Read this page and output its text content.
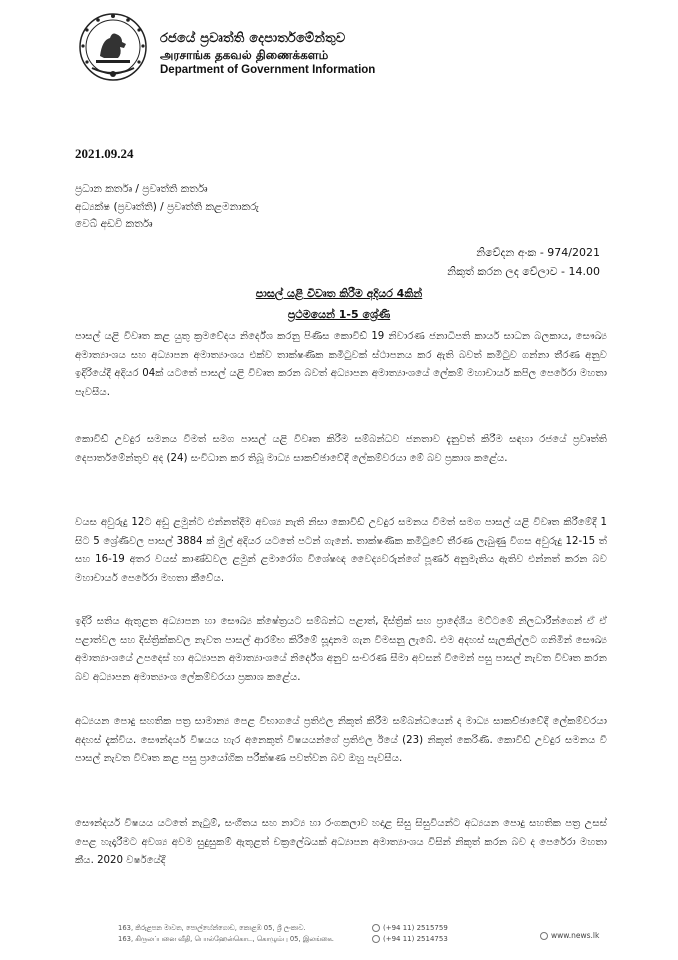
රජයේ ප්‍රවෘත්ති දෙපාර්තමේන්තුව
அரசாங்க தகவல் திணைக்களம்
Department of Government Information
2021.09.24
ප්‍රධාන කර්තෘ / ප්‍රවෘත්ති කර්තෘ
අධ්‍යක්ෂ (ප්‍රවෘත්ති) / ප්‍රවෘත්ති කළමනාකරු
වෙබ් අඩවි කර්තෘ
නිවේදන අංක - 974/2021
නිකුත් කරන ලද වේලාව - 14.00
පාසල් යළි විවෘත කිරීම අදියර 4කින්
ප්‍රථමයෙන් 1-5 ශ්‍රේණි
පාසල් යළි විවෘත කළ යුතු ක්‍රමවේදය නිර්දේශ කරනු පිණිස කොවිඩ් 19 නිවාරණ ජනාධිපති කාර්ය සාධන බලකාය, සෞඛ්‍ය අමාත්‍යාංශය සහ අධ්‍යාපන අමාත්‍යාංශය එක්ව තාක්ෂණික කමිටුවක් ස්ථාපනය කර ඇති බවත් කමිටුව ගන්නා තීරණ අනුව ඉදිරියේදී අදියර 04ක් යටතේ පාසල් යළි විවෘත කරන බවත් අධ්‍යාපන අමාත්‍යාංශයේ ලේකම් මහාචාර්ය කපිල පෙරේරා මහතා පැවසීය.
කොවිඩ් උවදුර සමනය වීමත් සමග පාසල් යළි විවෘත කිරීම සම්බන්ධව ජනතාව දැනුවත් කිරීම සඳහා රජයේ ප්‍රවෘත්ති දෙපාර්තමේන්තුව අද (24) සංවිධාන කර තිබූ මාධ්‍ය සාකච්ඡාවේදී ලේකම්වරයා මේ බව ප්‍රකාශ කළේය.
වයස අවුරුදු 12ට අඩු ළමුන්ට එන්නත්දීම අවශ්‍ය නැති නිසා කොවිඩ් උවදුර සමනය වීමත් සමග පාසල් යළි විවෘත කිරීමේදී 1 සිට 5 ශ්‍රේණිවල පාසල් 3884 ක් මුල් අදියර යටතේ පටන් ගැනේ. තාක්ෂණික කමිටුවේ තීරණ ලැබුණු විගස අවුරුදු 12-15 ත් සහ 16-19 අතර වයස් කාණ්ඩවල ළමුන් ළමාරෝග විශේෂඥ වෛද්‍යවරුන්ගේ පූර්ණ අනුමැතිය ඇතිව එන්නත් කරන බව මහාචාර්ය පෙරේරා මහතා කීවේය.
ඉදිරි සතිය ඇතුළත අධ්‍යාපන හා සෞඛ්‍ය ක්ෂේත්‍රයට සම්බන්ධ පළාත්, දිස්ත්‍රික් සහ ප්‍රාදේශීය මට්ටමේ නිලධාරීන්ගෙන් ඒ ඒ පළාත්වල සහ දිස්ත්‍රික්කවල නැවත පාසල් ආරම්භ කිරීමේ සූදානම ගැන විමසනු ලැබේ. එම අදහස් සැලකිල්ලට ගනිමින් සෞඛ්‍ය අමාත්‍යාංශයේ උපදෙස් හා අධ්‍යාපන අමාත්‍යාංශයේ නිර්දේශ අනුව සංචරණ සීමා අවසන් වීමෙන් පසු පාසල් නැවත විවෘත කරන බව අධ්‍යාපන අමාත්‍යාංශ ලේකම්වරයා ප්‍රකාශ කළේය.
අධ්‍යයන පොදු සහතික පත්‍ර සාමාන්‍ය පෙළ විභාගයේ ප්‍රතිඵල නිකුත් කිරීම සම්බන්ධයෙන් ද මාධ්‍ය සාකච්ඡාවේදී ලේකම්වරයා අදහස් දැක්විය. සෞන්දර්ය විෂයය හැර අනෙකුත් විෂයයන්ගේ ප්‍රතිඵල ඊයේ (23) නිකුත් කෙරිණි. කොවිඩ් උවදුර සමනය වී පාසල් නැවත විවෘත කළ පසු ප්‍රායෝගික පරීක්ෂණ පවත්වන බව ඔහු පැවසීය.
සෞන්දර්ය විෂයය යටතේ නැටුම්, සංගීතය සහ නාට්‍ය හා රංගකලාව හදාළ සිසු සිසුවියන්ට අධ්‍යයන පොදු සහතික පත්‍ර උසස් පෙළ හැදෑරීමට අවශ්‍ය අවම සුදුසුකම් ඇතුළත් චක්‍රලේඛයක් අධ්‍යාපන අමාත්‍යාංශය විසින් නිකුත් කරන බව ද පෙරේරා මහතා කීය. 2020 වර්ෂයේදී
163, කිරුළපන මාවත, පොල්හේන්ගොඩ, කොළඹ 05, ශ්‍රී ලංකාව.
163, கிருலப்பனை வீதி, பொல்ஹேன்கொட, கொழும்பு 05, இலங்கை.
(+94 11) 2515759
(+94 11) 2514753	www.news.lk
